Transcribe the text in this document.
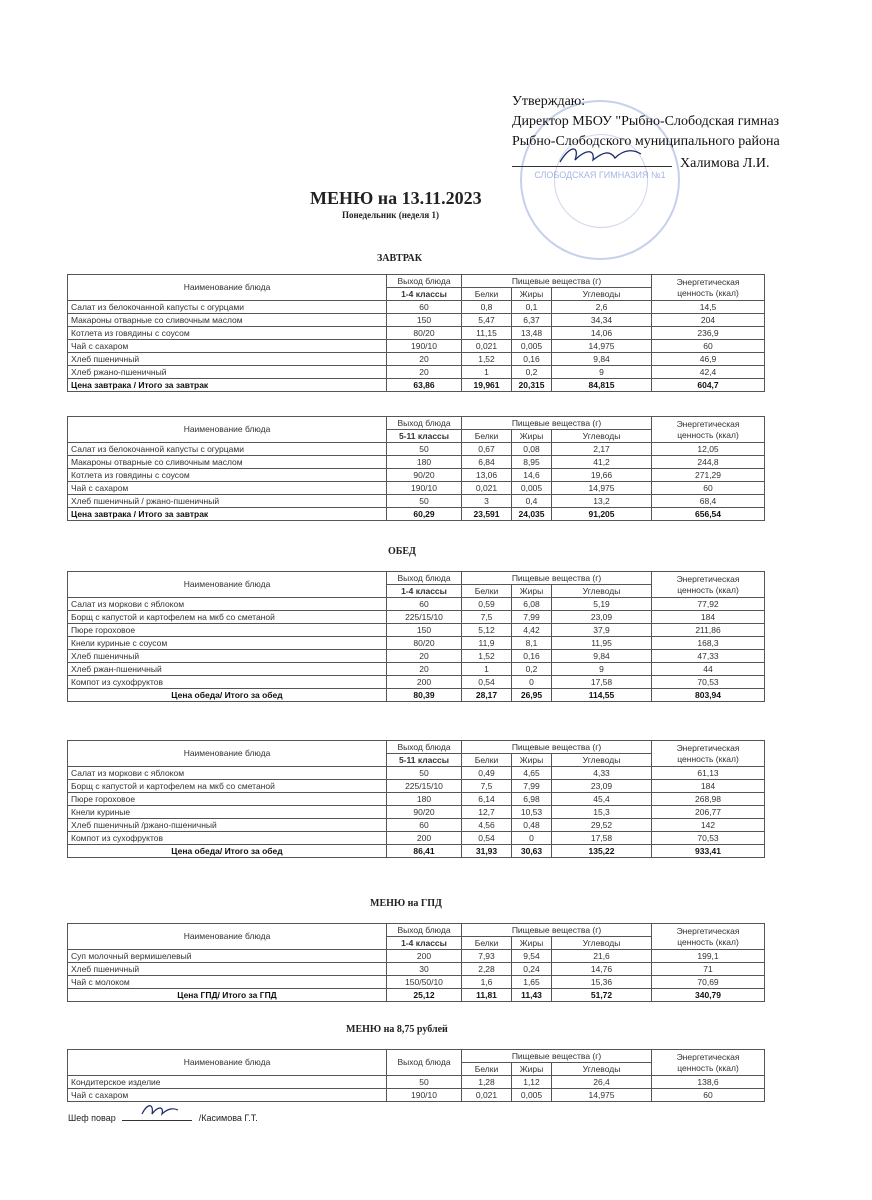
СЛОБОДСКАЯ ГИМНАЗИЯ №1
Утверждаю:
Директор МБОУ "Рыбно-Слободская гимназ
Рыбно-Слободского муниципального района
Халимова Л.И.
МЕНЮ на 13.11.2023
Понедельник (неделя 1)
ЗАВТРАК
Наименование блюда	Выход блюда	Пищевые вещества (г)			Энергетическая
ценность (ккал)

	1-4 классы	Белки	Жиры	Углеводы	
Салат из белокочанной капусты с огурцами	60	0,8	0,1	2,6	14,5
Макароны отварные со сливочным маслом	150	5,47	6,37	34,34	204
Котлета из говядины с соусом	80/20	11,15	13,48	14,06	236,9
Чай с сахаром	190/10	0,021	0,005	14,975	60
Хлеб пшеничный	20	1,52	0,16	9,84	46,9
Хлеб ржано-пшеничный	20	1	0,2	9	42,4
Цена завтрака / Итого за завтрак	63,86	19,961	20,315	84,815	604,7
Наименование блюда	Выход блюда	Пищевые вещества (г)			Энергетическая
ценность (ккал)

	5-11 классы	Белки	Жиры	Углеводы	
Салат из белокочанной капусты с огурцами	50	0,67	0,08	2,17	12,05
Макароны отварные со сливочным маслом	180	6,84	8,95	41,2	244,8
Котлета из говядины с соусом	90/20	13,06	14,6	19,66	271,29
Чай с сахаром	190/10	0,021	0,005	14,975	60
Хлеб пшеничный / ржано-пшеничный	50	3	0,4	13,2	68,4
Цена завтрака / Итого за завтрак	60,29	23,591	24,035	91,205	656,54
ОБЕД
Наименование блюда	Выход блюда	Пищевые вещества (г)			Энергетическая
ценность (ккал)

	1-4 классы	Белки	Жиры	Углеводы	
Салат из моркови с яблоком	60	0,59	6,08	5,19	77,92
Борщ с капустой и картофелем на мкб со сметаной	225/15/10	7,5	7,99	23,09	184
Пюре гороховое	150	5,12	4,42	37,9	211,86
Кнели куриные с соусом	80/20	11,9	8,1	11,95	168,3
Хлеб пшеничный	20	1,52	0,16	9,84	47,33
Хлеб ржан-пшеничный	20	1	0,2	9	44
Компот из сухофруктов	200	0,54	0	17,58	70,53
Цена обеда/ Итого за обед	80,39	28,17	26,95	114,55	803,94
Наименование блюда	Выход блюда	Пищевые вещества (г)			Энергетическая
ценность (ккал)

	5-11 классы	Белки	Жиры	Углеводы	
Салат из моркови с яблоком	50	0,49	4,65	4,33	61,13
Борщ с капустой и картофелем на мкб со сметаной	225/15/10	7,5	7,99	23,09	184
Пюре гороховое	180	6,14	6,98	45,4	268,98
Кнели куриные	90/20	12,7	10,53	15,3	206,77
Хлеб пшеничный /ржано-пшеничный	60	4,56	0,48	29,52	142
Компот из сухофруктов	200	0,54	0	17,58	70,53
Цена обеда/ Итого за обед	86,41	31,93	30,63	135,22	933,41
МЕНЮ на ГПД
Наименование блюда	Выход блюда	Пищевые вещества (г)			Энергетическая
ценность (ккал)

	1-4 классы	Белки	Жиры	Углеводы	
Суп молочный вермишелевый	200	7,93	9,54	21,6	199,1
Хлеб пшеничный	30	2,28	0,24	14,76	71
Чай с молоком	150/50/10	1,6	1,65	15,36	70,69
Цена ГПД/ Итого за ГПД	25,12	11,81	11,43	51,72	340,79
МЕНЮ на 8,75 рублей
Наименование блюда	Выход блюда	Пищевые вещества (г)			Энергетическая
ценность (ккал)

		Белки	Жиры	Углеводы	
Кондитерское изделие	50	1,28	1,12	26,4	138,6
Чай с сахаром	190/10	0,021	0,005	14,975	60
Шеф повар	/Касимова Г.Т.
